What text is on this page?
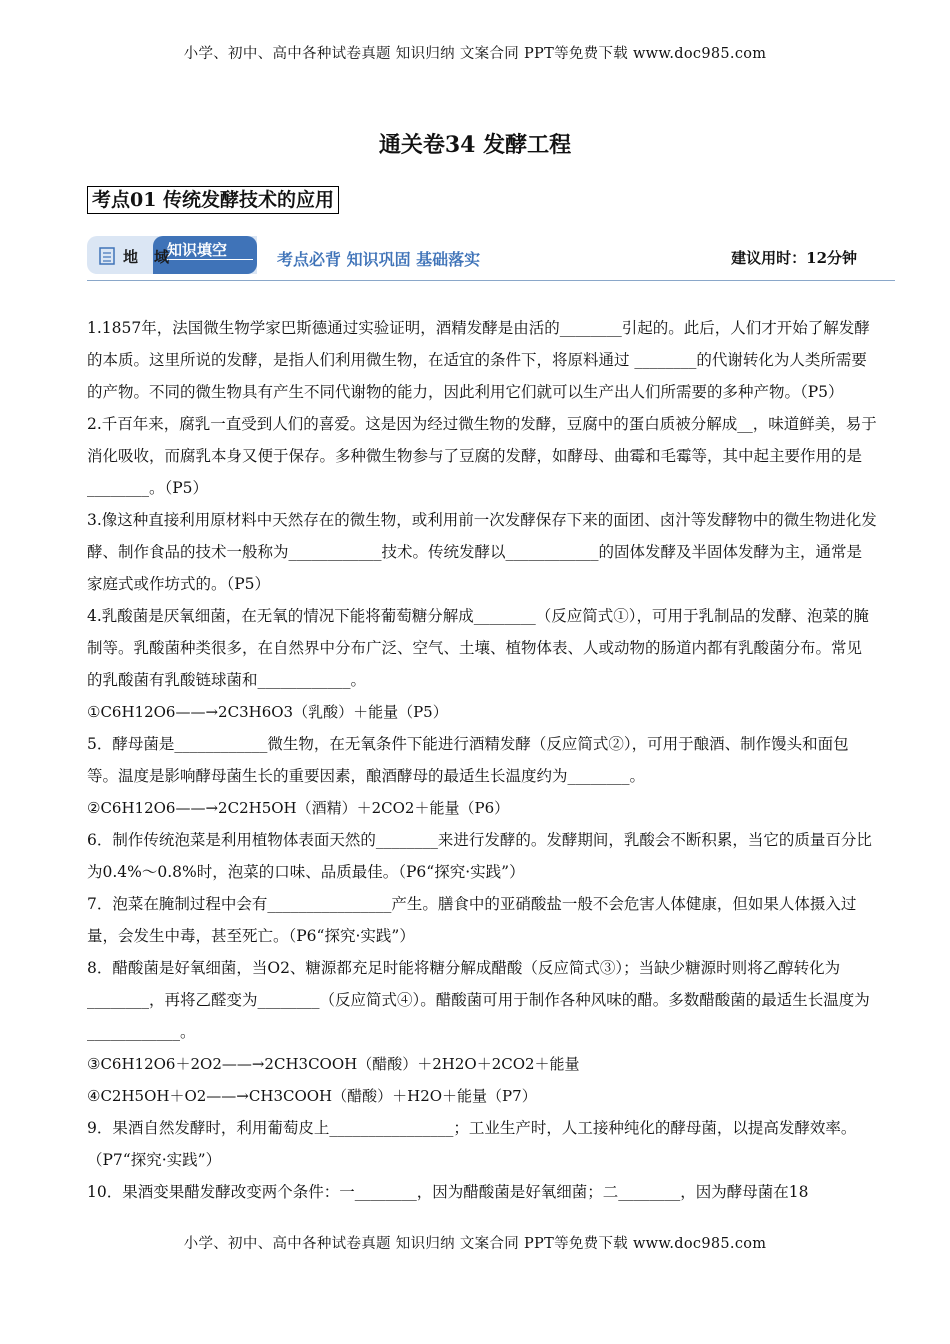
小学、初中、高中各种试卷真题 知识归纳 文案合同 PPT等免费下载 www.doc985.com
通关卷34 发酵工程
考点01 传统发酵技术的应用
知识填空
地域	考点必背 知识巩固 基础落实	建议用时：12分钟

1.1857年，法国微生物学家巴斯德通过实验证明，酒精发酵是由活的________引起的。此后，人们才开始了解发酵的本质。这里所说的发酵，是指人们利用微生物，在适宜的条件下，将原料通过 ________的代谢转化为人类所需要的产物。不同的微生物具有产生不同代谢物的能力，因此利用它们就可以生产出人们所需要的多种产物。（P5）

2.千百年来，腐乳一直受到人们的喜爱。这是因为经过微生物的发酵，豆腐中的蛋白质被分解成__，味道鲜美，易于消化吸收，而腐乳本身又便于保存。多种微生物参与了豆腐的发酵，如酵母、曲霉和毛霉等，其中起主要作用的是________。（P5）

3.像这种直接利用原材料中天然存在的微生物，或利用前一次发酵保存下来的面团、卤汁等发酵物中的微生物进化发酵、制作食品的技术一般称为____________技术。传统发酵以____________的固体发酵及半固体发酵为主，通常是家庭式或作坊式的。（P5）

4.乳酸菌是厌氧细菌，在无氧的情况下能将葡萄糖分解成________（反应简式①），可用于乳制品的发酵、泡菜的腌制等。乳酸菌种类很多，在自然界中分布广泛、空气、土壤、植物体表、人或动物的肠道内都有乳酸菌分布。常见的乳酸菌有乳酸链球菌和____________。

①C6H12O6——→2C3H6O3（乳酸）＋能量（P5）

5．酵母菌是____________微生物，在无氧条件下能进行酒精发酵（反应简式②），可用于酿酒、制作馒头和面包等。温度是影响酵母菌生长的重要因素，酿酒酵母的最适生长温度约为________。

②C6H12O6——→2C2H5OH（酒精）＋2CO2＋能量（P6）

6．制作传统泡菜是利用植物体表面天然的________来进行发酵的。发酵期间，乳酸会不断积累，当它的质量百分比为0.4%～0.8%时，泡菜的口味、品质最佳。（P6“探究·实践”）

7．泡菜在腌制过程中会有________________产生。膳食中的亚硝酸盐一般不会危害人体健康，但如果人体摄入过量，会发生中毒，甚至死亡。（P6“探究·实践”）

8．醋酸菌是好氧细菌，当O2、糖源都充足时能将糖分解成醋酸（反应简式③）；当缺少糖源时则将乙醇转化为________，再将乙醛变为________（反应简式④）。醋酸菌可用于制作各种风味的醋。多数醋酸菌的最适生长温度为____________。

③C6H12O6＋2O2——→2CH3COOH（醋酸）＋2H2O＋2CO2＋能量

④C2H5OH＋O2——→CH3COOH（醋酸）＋H2O＋能量（P7）

9．果酒自然发酵时，利用葡萄皮上________________；工业生产时，人工接种纯化的酵母菌，以提高发酵效率。（P7“探究·实践”）

10．果酒变果醋发酵改变两个条件：一________，因为醋酸菌是好氧细菌；二________，因为酵母菌在18

小学、初中、高中各种试卷真题 知识归纳 文案合同 PPT等免费下载 www.doc985.com
